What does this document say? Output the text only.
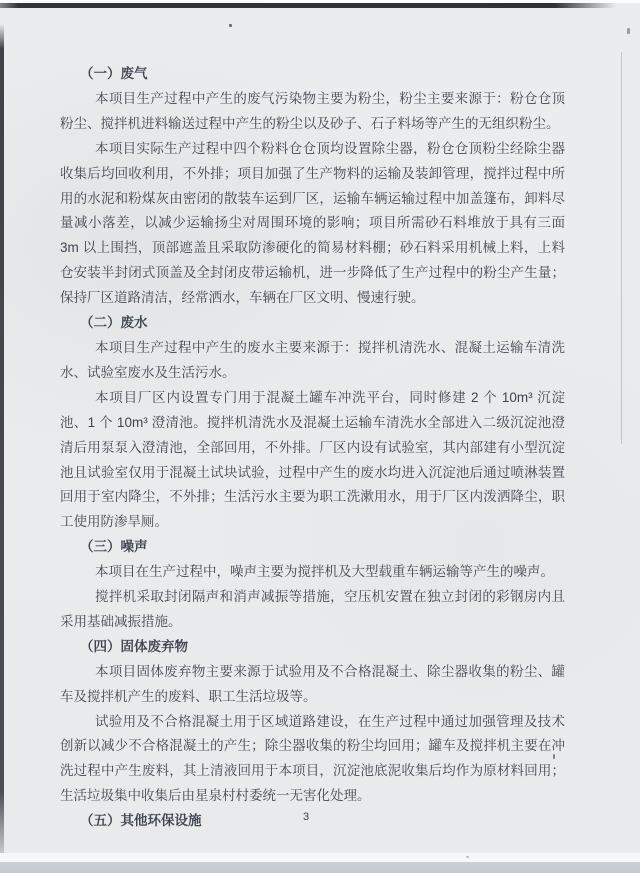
（一）废气

本项目生产过程中产生的废气污染物主要为粉尘，粉尘主要来源于：粉仓仓顶粉尘、搅拌机进料输送过程中产生的粉尘以及砂子、石子料场等产生的无组织粉尘。

本项目实际生产过程中四个粉料仓仓顶均设置除尘器，粉仓仓顶粉尘经除尘器收集后均回收利用，不外排；项目加强了生产物料的运输及装卸管理，搅拌过程中所用的水泥和粉煤灰由密闭的散装车运到厂区，运输车辆运输过程中加盖篷布，卸料尽量减小落差，以减少运输扬尘对周围环境的影响；项目所需砂石料堆放于具有三面 3m 以上围挡，顶部遮盖且采取防渗硬化的简易材料棚；砂石料采用机械上料，上料仓安装半封闭式顶盖及全封闭皮带运输机，进一步降低了生产过程中的粉尘产生量；保持厂区道路清洁，经常洒水，车辆在厂区文明、慢速行驶。

（二）废水

本项目生产过程中产生的废水主要来源于：搅拌机清洗水、混凝土运输车清洗水、试验室废水及生活污水。

本项目厂区内设置专门用于混凝土罐车冲洗平台，同时修建 2 个 10m³ 沉淀池、1 个 10m³ 澄清池。搅拌机清洗水及混凝土运输车清洗水全部进入二级沉淀池澄清后用泵泵入澄清池，全部回用，不外排。厂区内设有试验室，其内部建有小型沉淀池且试验室仅用于混凝土试块试验，过程中产生的废水均进入沉淀池后通过喷淋装置回用于室内降尘，不外排；生活污水主要为职工洗漱用水，用于厂区内泼洒降尘，职工使用防渗旱厕。

（三）噪声

本项目在生产过程中，噪声主要为搅拌机及大型载重车辆运输等产生的噪声。

搅拌机采取封闭隔声和消声减振等措施，空压机安置在独立封闭的彩钢房内且采用基础减振措施。

（四）固体废弃物

本项目固体废弃物主要来源于试验用及不合格混凝土、除尘器收集的粉尘、罐车及搅拌机产生的废料、职工生活垃圾等。

试验用及不合格混凝土用于区域道路建设，在生产过程中通过加强管理及技术创新以减少不合格混凝土的产生；除尘器收集的粉尘均回用；罐车及搅拌机主要在冲洗过程中产生废料，其上清液回用于本项目，沉淀池底泥收集后均作为原材料回用；生活垃圾集中收集后由星泉村村委统一无害化处理。

（五）其他环保设施	3
